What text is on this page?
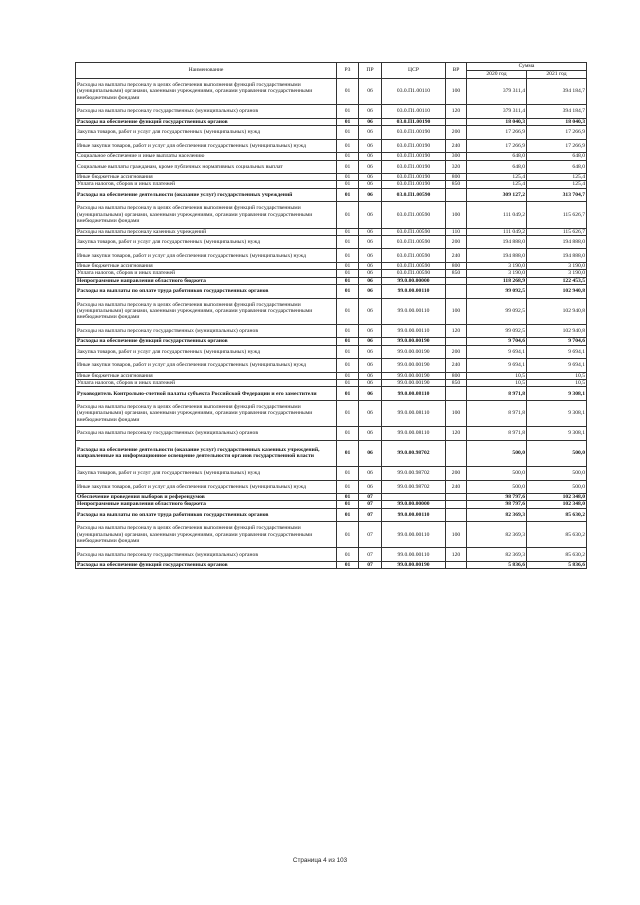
Наименование	РЗ	ПР	ЦСР	ВР	Сумма	
					2020 год	2021 год
Расходы на выплаты персоналу в целях обеспечения выполнения функций государственными (муниципальными) органами, казенными учреждениями, органами управления государственными внебюджетными фондами	01	06	03.0.П1.00110	100	379 311,4	394 184,7
Расходы на выплаты персоналу государственных (муниципальных) органов	01	06	03.0.П1.00110	120	379 311,4	394 184,7
Расходы на обеспечение функций государственных органов	01	06	03.0.П1.00190		18 040,3	18 040,3
Закупка товаров, работ и услуг для государственных (муниципальных) нужд	01	06	03.0.П1.00190	200	17 266,9	17 266,9
Иные закупки товаров, работ и услуг для обеспечения государственных (муниципальных) нужд	01	06	03.0.П1.00190	240	17 266,9	17 266,9
Социальное обеспечение и иные выплаты населению	01	06	03.0.П1.00190	300	648,0	648,0
Социальные выплаты гражданам, кроме публичных нормативных социальных выплат	01	06	03.0.П1.00190	320	648,0	648,0
Иные бюджетные ассигнования	01	06	03.0.П1.00190	800	125,4	125,4
Уплата налогов, сборов и иных платежей	01	06	03.0.П1.00190	850	125,4	125,4
Расходы на обеспечение деятельности (оказание услуг) государственных учреждений	01	06	03.0.П1.00590		309 127,2	313 704,7
Расходы на выплаты персоналу в целях обеспечения выполнения функций государственными (муниципальными) органами, казенными учреждениями, органами управления государственными внебюджетными фондами	01	06	03.0.П1.00590	100	111 049,2	115 626,7
Расходы на выплаты персоналу казенных учреждений	01	06	03.0.П1.00590	110	111 049,2	115 626,7
Закупка товаров, работ и услуг для государственных (муниципальных) нужд	01	06	03.0.П1.00590	200	194 888,0	194 888,0
Иные закупки товаров, работ и услуг для обеспечения государственных (муниципальных) нужд	01	06	03.0.П1.00590	240	194 888,0	194 888,0
Иные бюджетные ассигнования	01	06	03.0.П1.00590	800	3 190,0	3 190,0
Уплата налогов, сборов и иных платежей	01	06	03.0.П1.00590	850	3 190,0	3 190,0
Непрограммные направления областного бюджета	01	06	99.0.00.00000		118 268,9	122 453,5
Расходы на выплаты по оплате труда работников государственных органов	01	06	99.0.00.00110		99 092,5	102 940,8
Расходы на выплаты персоналу в целях обеспечения выполнения функций государственными (муниципальными) органами, казенными учреждениями, органами управления государственными внебюджетными фондами	01	06	99.0.00.00110	100	99 092,5	102 940,8
Расходы на выплаты персоналу государственных (муниципальных) органов	01	06	99.0.00.00110	120	99 092,5	102 940,8
Расходы на обеспечение функций государственных органов	01	06	99.0.00.00190		9 704,6	9 704,6
Закупка товаров, работ и услуг для государственных (муниципальных) нужд	01	06	99.0.00.00190	200	9 694,1	9 694,1
Иные закупки товаров, работ и услуг для обеспечения государственных (муниципальных) нужд	01	06	99.0.00.00190	240	9 694,1	9 694,1
Иные бюджетные ассигнования	01	06	99.0.00.00190	800	10,5	10,5
Уплата налогов, сборов и иных платежей	01	06	99.0.00.00190	850	10,5	10,5
Руководитель Контрольно-счетной палаты субъекта Российской Федерации и его заместители	01	06	99.0.00.08110		8 971,8	9 308,1
Расходы на выплаты персоналу в целях обеспечения выполнения функций государственными (муниципальными) органами, казенными учреждениями, органами управления государственными внебюджетными фондами	01	06	99.0.00.08110	100	8 971,8	9 308,1
Расходы на выплаты персоналу государственных (муниципальных) органов	01	06	99.0.00.08110	120	8 971,8	9 308,1
Расходы на обеспечение деятельности (оказание услуг) государственных казенных учреждений, направленные на информационное освещение деятельности органов государственной власти	01	06	99.0.00.98702		500,0	500,0
Закупка товаров, работ и услуг для государственных (муниципальных) нужд	01	06	99.0.00.98702	200	500,0	500,0
Иные закупки товаров, работ и услуг для обеспечения государственных (муниципальных) нужд	01	06	99.0.00.98702	240	500,0	500,0
Обеспечение проведения выборов и референдумов	01	07			98 797,6	102 348,0
Непрограммные направления областного бюджета	01	07	99.0.00.00000		98 797,6	102 348,0
Расходы на выплаты по оплате труда работников государственных органов	01	07	99.0.00.00110		82 369,3	85 630,2
Расходы на выплаты персоналу в целях обеспечения выполнения функций государственными (муниципальными) органами, казенными учреждениями, органами управления государственными внебюджетными фондами	01	07	99.0.00.00110	100	82 369,3	85 630,2
Расходы на выплаты персоналу государственных (муниципальных) органов	01	07	99.0.00.00110	120	82 369,3	85 630,2
Расходы на обеспечение функций государственных органов	01	07	99.0.00.00190		5 836,6	5 836,6
Страница 4 из 103
